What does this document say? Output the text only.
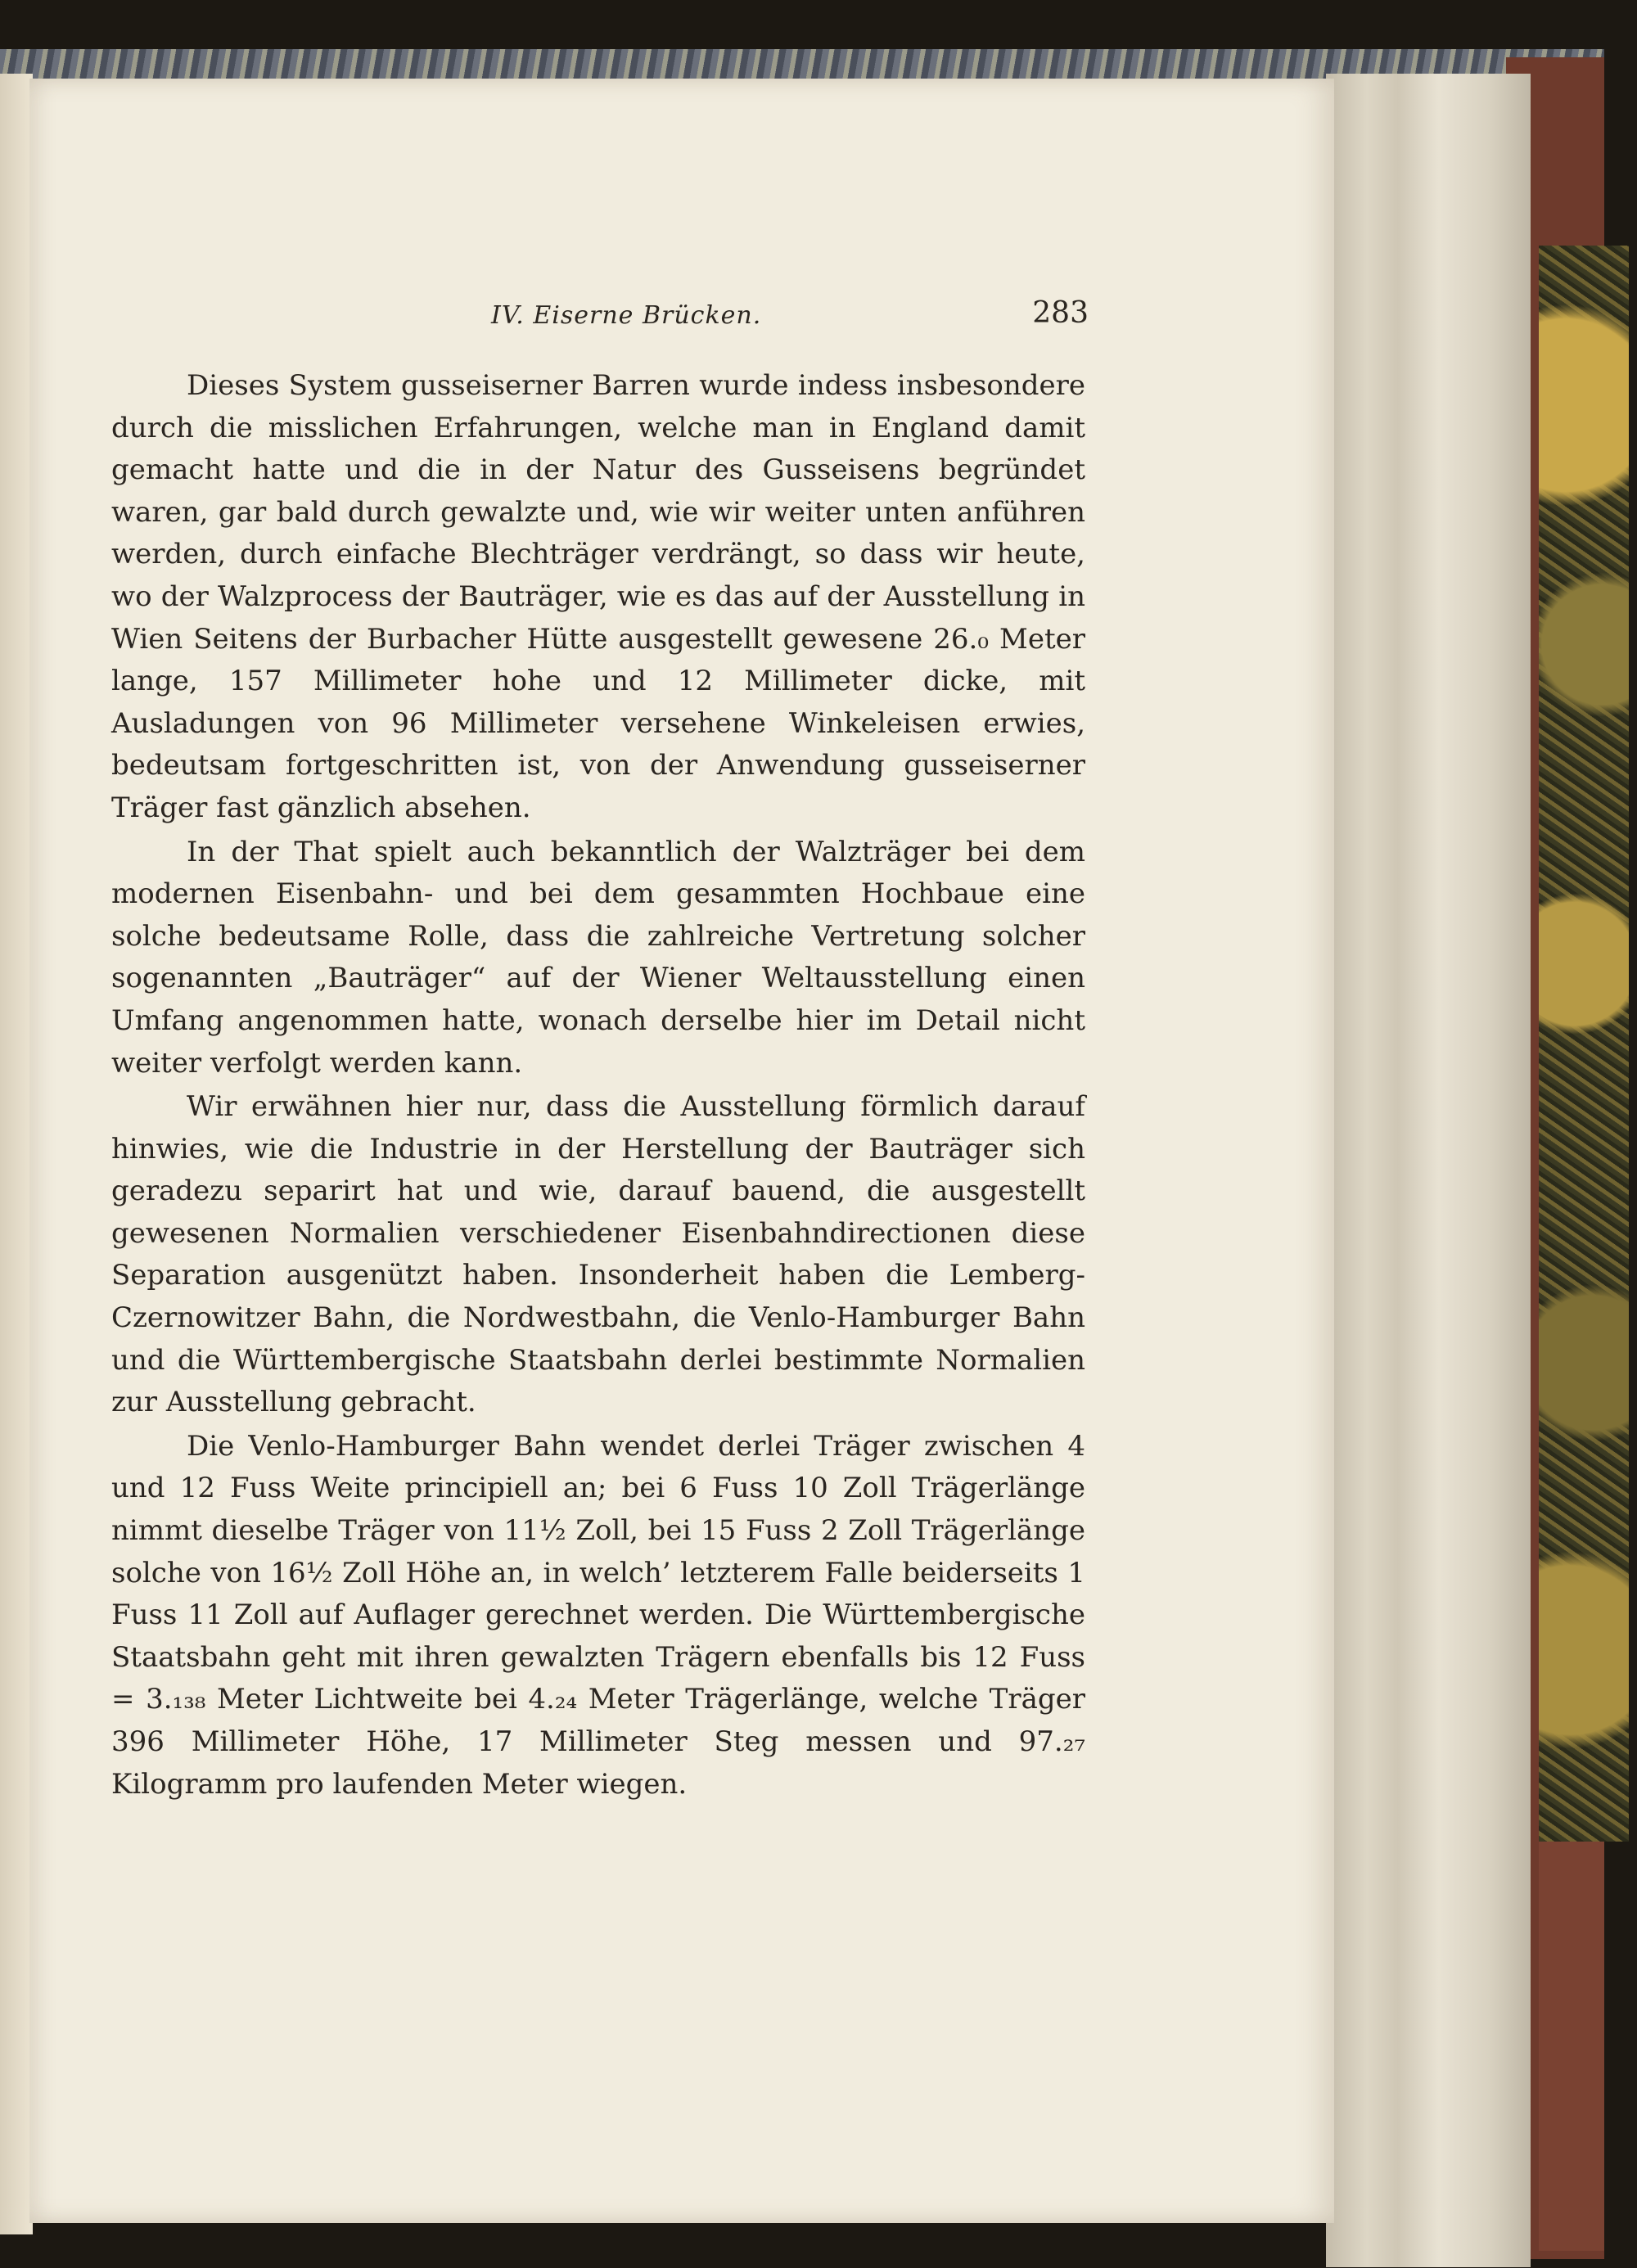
IV. Eiserne Brücken.	283

Dieses System gusseiserner Barren wurde indess insbesondere durch die misslichen Erfahrungen, welche man in England damit gemacht hatte und die in der Natur des Gusseisens begründet waren, gar bald durch gewalzte und, wie wir weiter unten anführen werden, durch einfache Blechträger verdrängt, so dass wir heute, wo der Walzprocess der Bauträger, wie es das auf der Ausstellung in Wien Seitens der Burbacher Hütte ausgestellt gewesene 26.₀ Meter lange, 157 Millimeter hohe und 12 Millimeter dicke, mit Ausladungen von 96 Millimeter versehene Winkeleisen erwies, bedeutsam fortgeschritten ist, von der Anwendung gusseiserner Träger fast gänzlich absehen.

In der That spielt auch bekanntlich der Walzträger bei dem modernen Eisenbahn- und bei dem gesammten Hochbaue eine solche bedeutsame Rolle, dass die zahlreiche Vertretung solcher sogenannten „Bauträger“ auf der Wiener Weltausstellung einen Umfang angenommen hatte, wonach derselbe hier im Detail nicht weiter verfolgt werden kann.

Wir erwähnen hier nur, dass die Ausstellung förmlich darauf hinwies, wie die Industrie in der Herstellung der Bauträger sich geradezu separirt hat und wie, darauf bauend, die ausgestellt gewesenen Normalien verschiedener Eisenbahndirectionen diese Separation ausgenützt haben. Insonderheit haben die Lemberg-Czernowitzer Bahn, die Nordwestbahn, die Venlo-Hamburger Bahn und die Württembergische Staatsbahn derlei bestimmte Normalien zur Ausstellung gebracht.

Die Venlo-Hamburger Bahn wendet derlei Träger zwischen 4 und 12 Fuss Weite principiell an; bei 6 Fuss 10 Zoll Trägerlänge nimmt dieselbe Träger von 11½ Zoll, bei 15 Fuss 2 Zoll Trägerlänge solche von 16½ Zoll Höhe an, in welch’ letzterem Falle beiderseits 1 Fuss 11 Zoll auf Auflager gerechnet werden. Die Württembergische Staatsbahn geht mit ihren gewalzten Trägern ebenfalls bis 12 Fuss = 3.₁₃₈ Meter Lichtweite bei 4.₂₄ Meter Trägerlänge, welche Träger 396 Millimeter Höhe, 17 Millimeter Steg messen und 97.₂₇ Kilogramm pro laufenden Meter wiegen.
